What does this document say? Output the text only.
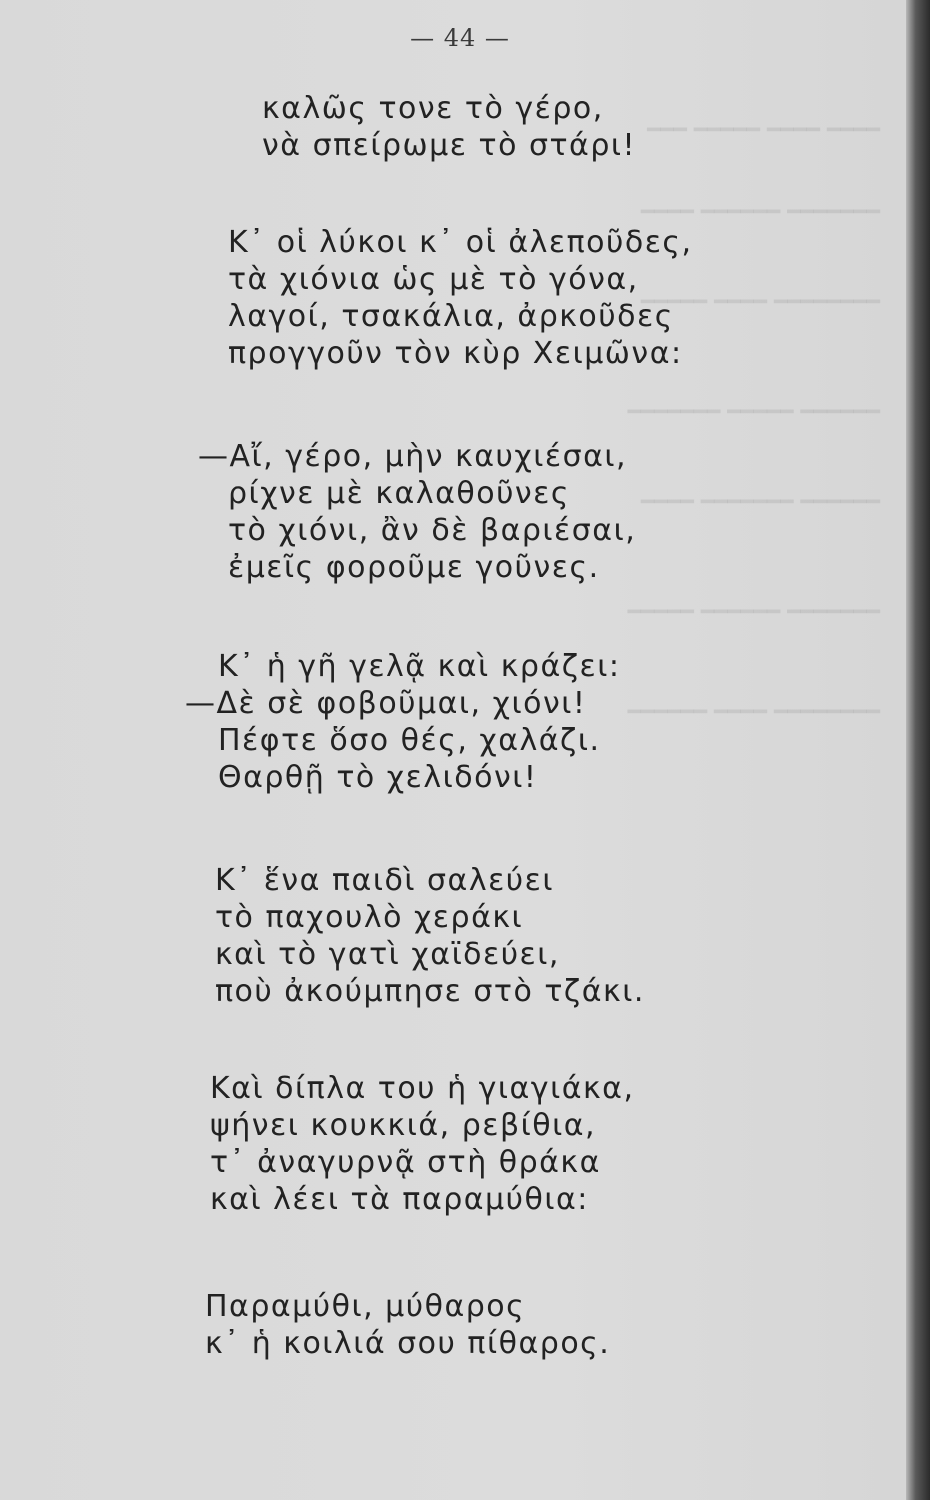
━━━ ━━━━━ ━━━━ ━━━━
━━━━ ━━━━━━ ━━━━━━━
━━━━━ ━━━━ ━━━━━━━━
━━━━━━━ ━━━━━ ━━━━━━
━━━━ ━━━━━━━ ━━━━━━
━━━━━ ━━━━━━ ━━━━━━━
━━━━━━ ━━━━ ━━━━━━━━
— 44 —
καλῶς τονε τὸ γέρο,
νὰ σπείρωμε τὸ στάρι!
Κ᾽ οἱ λύκοι κ᾽ οἱ ἀλεποῦδες,
τὰ χιόνια ὡς μὲ τὸ γόνα,
λαγοί, τσακάλια, ἀρκοῦδες
προγγοῦν τὸν κὺρ Χειμῶνα:
—Αἴ, γέρο, μὴν καυχιέσαι,
ρίχνε μὲ καλαθοῦνες
τὸ χιόνι, ἂν δὲ βαριέσαι,
ἐμεῖς φοροῦμε γοῦνες.
Κ᾽ ἡ γῆ γελᾷ καὶ κράζει:
—Δὲ σὲ φοβοῦμαι, χιόνι!
Πέφτε ὅσο θές, χαλάζι.
Θαρθῇ τὸ χελιδόνι!
Κ᾽ ἕνα παιδὶ σαλεύει
τὸ παχουλὸ χεράκι
καὶ τὸ γατὶ χαϊδεύει,
ποὺ ἀκούμπησε στὸ τζάκι.
Καὶ δίπλα του ἡ γιαγιάκα,
ψήνει κουκκιά, ρεβίθια,
τ᾽ ἀναγυρνᾷ στὴ θράκα
καὶ λέει τὰ παραμύθια:
Παραμύθι, μύθαρος
κ᾽ ἡ κοιλιά σου πίθαρος.
